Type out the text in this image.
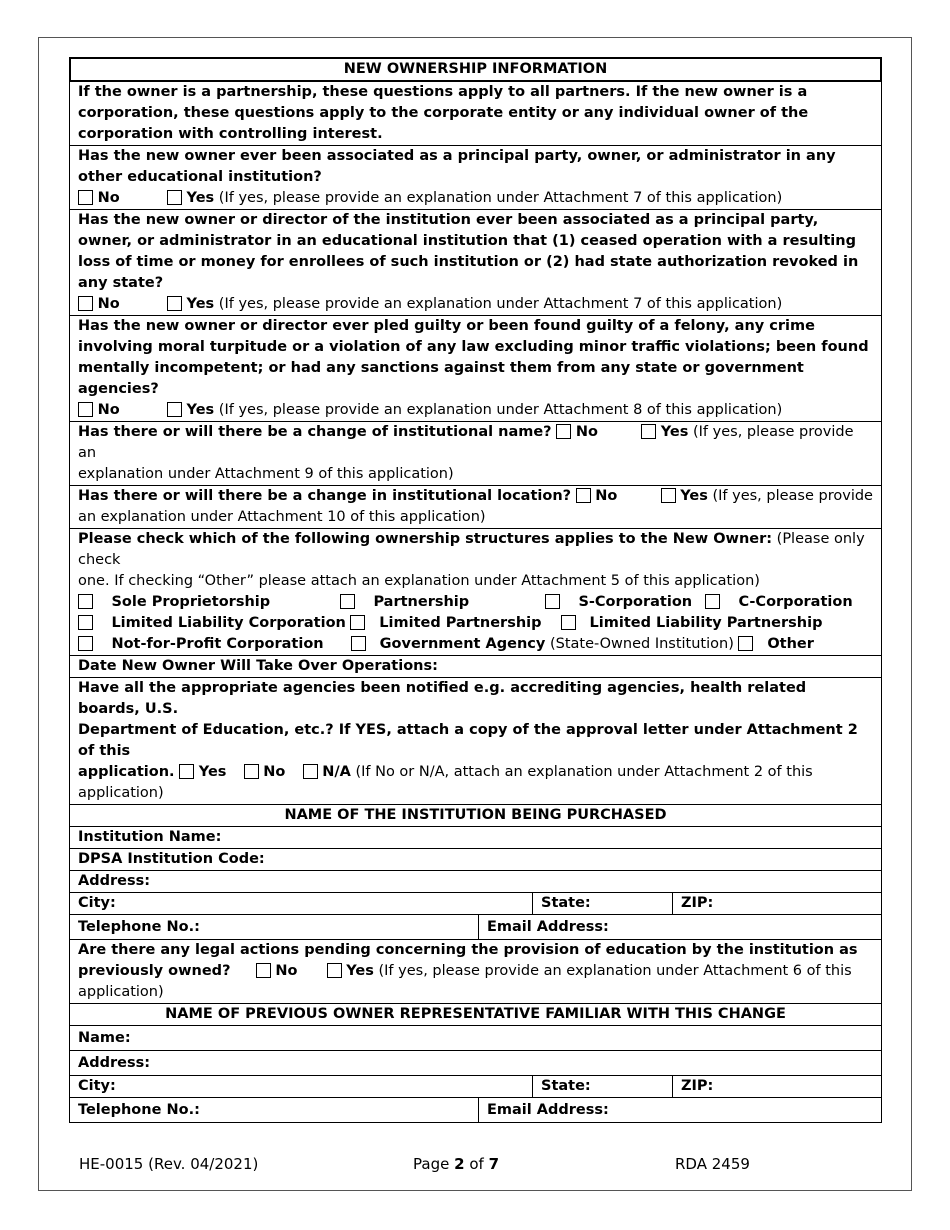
NEW OWNERSHIP INFORMATION
If the owner is a partnership, these questions apply to all partners. If the new owner is a corporation, these questions apply to the corporate entity or any individual owner of the corporation with controlling interest.
Has the new owner ever been associated as a principal party, owner, or administrator in any other educational institution?
No	Yes (If yes, please provide an explanation under Attachment 7 of this application)
Has the new owner or director of the institution ever been associated as a principal party, owner, or administrator in an educational institution that (1) ceased operation with a resulting loss of time or money for enrollees of such institution or (2) had state authorization revoked in any state?
No	Yes (If yes, please provide an explanation under Attachment 7 of this application)
Has the new owner or director ever pled guilty or been found guilty of a felony, any crime involving moral turpitude or a violation of any law excluding minor traffic violations; been found mentally incompetent; or had any sanctions against them from any state or government agencies?
No	Yes (If yes, please provide an explanation under Attachment 8 of this application)
Has there or will there be a change of institutional name? No	Yes (If yes, please provide an
explanation under Attachment 9 of this application)
Has there or will there be a change in institutional location? No	Yes (If yes, please provide
an explanation under Attachment 10 of this application)
Please check which of the following ownership structures applies to the New Owner: (Please only check
one. If checking “Other” please attach an explanation under Attachment 5 of this application)
Sole Proprietorship	Partnership	S-Corporation	C-Corporation
Limited Liability Corporation Limited Partnership	Limited Liability Partnership
Not-for-Profit Corporation	Government Agency (State-Owned Institution) Other
Date New Owner Will Take Over Operations:
Have all the appropriate agencies been notified e.g. accrediting agencies, health related boards, U.S.
Department of Education, etc.? If YES, attach a copy of the approval letter under Attachment 2 of this
application. Yes	No	N/A (If No or N/A, attach an explanation under Attachment 2 of this application)
NAME OF THE INSTITUTION BEING PURCHASED
Institution Name:
DPSA Institution Code:
Address:
City:	State:	ZIP:
Telephone No.:	Email Address:
Are there any legal actions pending concerning the provision of education by the institution as
previously owned?	No	Yes (If yes, please provide an explanation under Attachment 6 of this application)
NAME OF PREVIOUS OWNER REPRESENTATIVE FAMILIAR WITH THIS CHANGE
Name:
Address:
City:	State:	ZIP:
Telephone No.:	Email Address:
HE-0015 (Rev. 04/2021)	Page 2 of 7	RDA 2459
